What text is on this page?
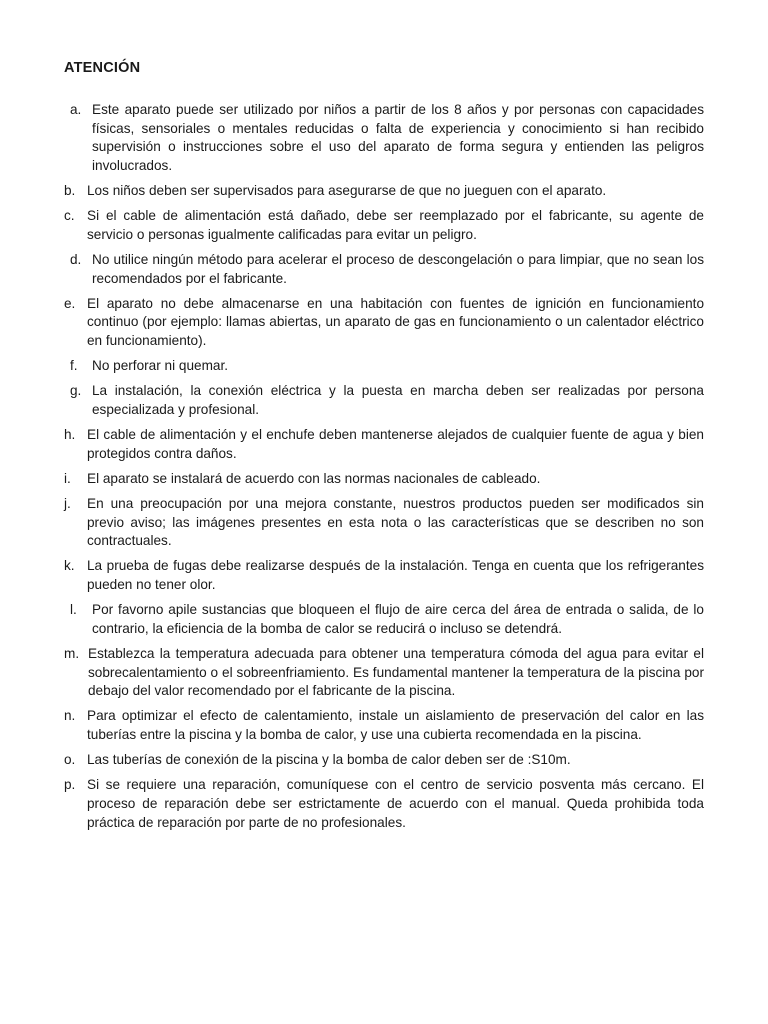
ATENCIÓN
a. Este aparato puede ser utilizado por niños a partir de los 8 años y por personas con capacidades físicas, sensoriales o mentales reducidas o falta de experiencia y conocimiento si han recibido supervisión o instrucciones sobre el uso del aparato de forma segura y entienden las peligros involucrados.
b. Los niños deben ser supervisados para asegurarse de que no jueguen con el aparato.
c. Si el cable de alimentación está dañado, debe ser reemplazado por el fabricante, su agente de servicio o personas igualmente calificadas para evitar un peligro.
d. No utilice ningún método para acelerar el proceso de descongelación o para limpiar, que no sean los recomendados por el fabricante.
e. El aparato no debe almacenarse en una habitación con fuentes de ignición en funcionamiento continuo (por ejemplo: llamas abiertas, un aparato de gas en funcionamiento o un calentador eléctrico en funcionamiento).
f. No perforar ni quemar.
g. La instalación, la conexión eléctrica y la puesta en marcha deben ser realizadas por persona especializada y profesional.
h. El cable de alimentación y el enchufe deben mantenerse alejados de cualquier fuente de agua y bien protegidos contra daños.
i. El aparato se instalará de acuerdo con las normas nacionales de cableado.
j. En una preocupación por una mejora constante, nuestros productos pueden ser modificados sin previo aviso; las imágenes presentes en esta nota o las características que se describen no son contractuales.
k. La prueba de fugas debe realizarse después de la instalación. Tenga en cuenta que los refrigerantes pueden no tener olor.
l. Por favorno apile sustancias que bloqueen el flujo de aire cerca del área de entrada o salida, de lo contrario, la eficiencia de la bomba de calor se reducirá o incluso se detendrá.
m. Establezca la temperatura adecuada para obtener una temperatura cómoda del agua para evitar el sobrecalentamiento o el sobreenfriamiento. Es fundamental mantener la temperatura de la piscina por debajo del valor recomendado por el fabricante de la piscina.
n. Para optimizar el efecto de calentamiento, instale un aislamiento de preservación del calor en las tuberías entre la piscina y la bomba de calor, y use una cubierta recomendada en la piscina.
o. Las tuberías de conexión de la piscina y la bomba de calor deben ser de :S10m.
p. Si se requiere una reparación, comuníquese con el centro de servicio posventa más cercano. El proceso de reparación debe ser estrictamente de acuerdo con el manual. Queda prohibida toda práctica de reparación por parte de no profesionales.
